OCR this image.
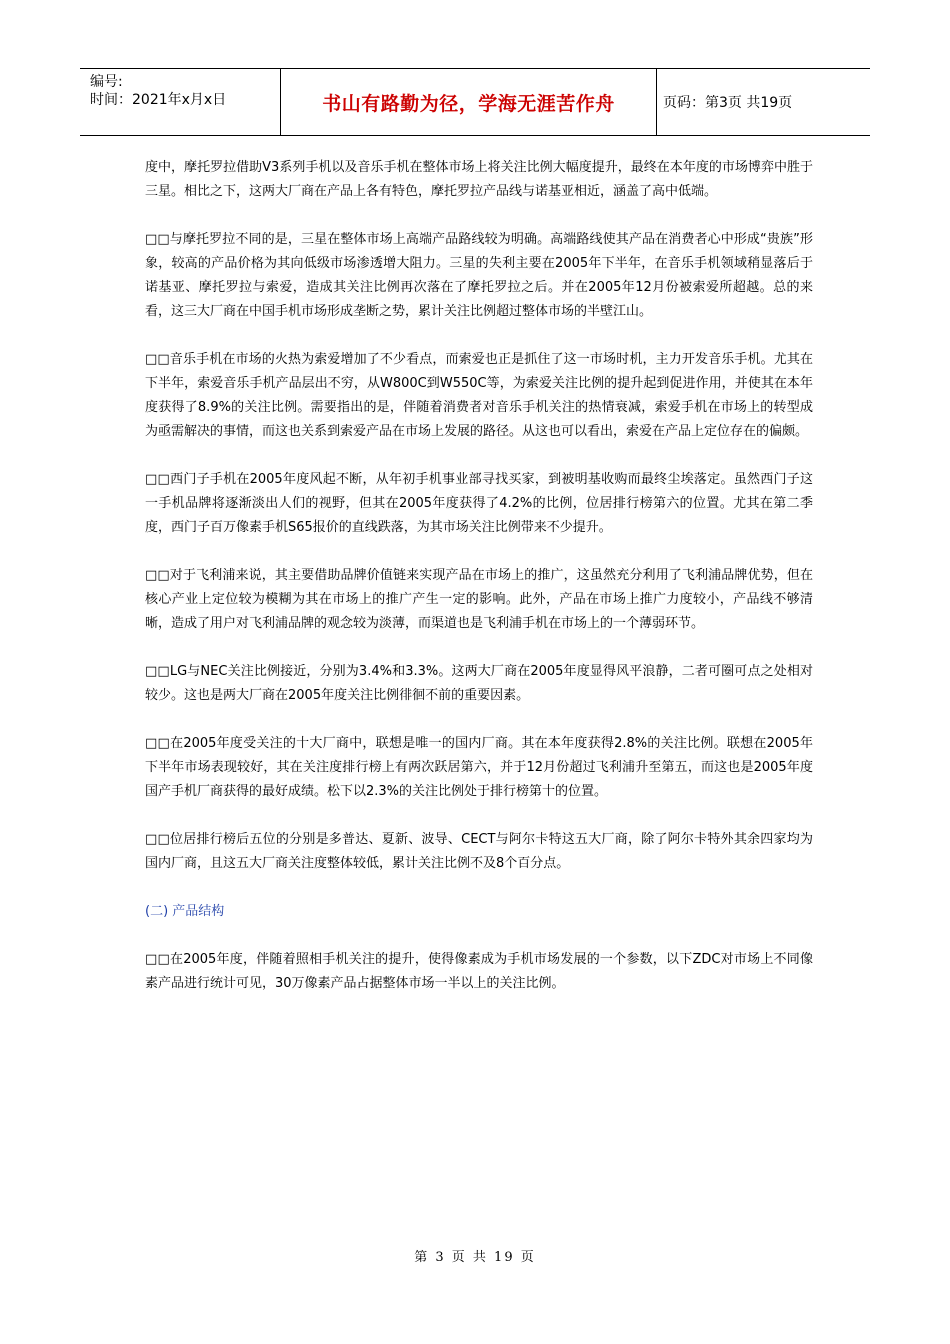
编号:
时间：2021年x月x日	书山有路勤为径，学海无涯苦作舟	页码：第3页 共19页

度中，摩托罗拉借助V3系列手机以及音乐手机在整体市场上将关注比例大幅度提升，最终在本年度的市场博弈中胜于三星。相比之下，这两大厂商在产品上各有特色，摩托罗拉产品线与诺基亚相近，涵盖了高中低端。

□□与摩托罗拉不同的是，三星在整体市场上高端产品路线较为明确。高端路线使其产品在消费者心中形成“贵族”形象，较高的产品价格为其向低级市场渗透增大阻力。三星的失利主要在2005年下半年，在音乐手机领域稍显落后于诺基亚、摩托罗拉与索爱，造成其关注比例再次落在了摩托罗拉之后。并在2005年12月份被索爱所超越。总的来看，这三大厂商在中国手机市场形成垄断之势，累计关注比例超过整体市场的半壁江山。

□□音乐手机在市场的火热为索爱增加了不少看点，而索爱也正是抓住了这一市场时机，主力开发音乐手机。尤其在下半年，索爱音乐手机产品层出不穷，从W800C到W550C等，为索爱关注比例的提升起到促进作用，并使其在本年度获得了8.9%的关注比例。需要指出的是，伴随着消费者对音乐手机关注的热情衰减，索爱手机在市场上的转型成为亟需解决的事情，而这也关系到索爱产品在市场上发展的路径。从这也可以看出，索爱在产品上定位存在的偏颇。

□□西门子手机在2005年度风起不断，从年初手机事业部寻找买家，到被明基收购而最终尘埃落定。虽然西门子这一手机品牌将逐渐淡出人们的视野，但其在2005年度获得了4.2%的比例，位居排行榜第六的位置。尤其在第二季度，西门子百万像素手机S65报价的直线跌落，为其市场关注比例带来不少提升。

□□对于飞利浦来说，其主要借助品牌价值链来实现产品在市场上的推广，这虽然充分利用了飞利浦品牌优势，但在核心产业上定位较为模糊为其在市场上的推广产生一定的影响。此外，产品在市场上推广力度较小，产品线不够清晰，造成了用户对飞利浦品牌的观念较为淡薄，而渠道也是飞利浦手机在市场上的一个薄弱环节。

□□LG与NEC关注比例接近，分别为3.4%和3.3%。这两大厂商在2005年度显得风平浪静，二者可圈可点之处相对较少。这也是两大厂商在2005年度关注比例徘徊不前的重要因素。

□□在2005年度受关注的十大厂商中，联想是唯一的国内厂商。其在本年度获得2.8%的关注比例。联想在2005年下半年市场表现较好，其在关注度排行榜上有两次跃居第六，并于12月份超过飞利浦升至第五，而这也是2005年度国产手机厂商获得的最好成绩。松下以2.3%的关注比例处于排行榜第十的位置。

□□位居排行榜后五位的分别是多普达、夏新、波导、CECT与阿尔卡特这五大厂商，除了阿尔卡特外其余四家均为国内厂商，且这五大厂商关注度整体较低，累计关注比例不及8个百分点。

(二) 产品结构

□□在2005年度，伴随着照相手机关注的提升，使得像素成为手机市场发展的一个参数，以下ZDC对市场上不同像素产品进行统计可见，30万像素产品占据整体市场一半以上的关注比例。

第 3 页 共 19 页
